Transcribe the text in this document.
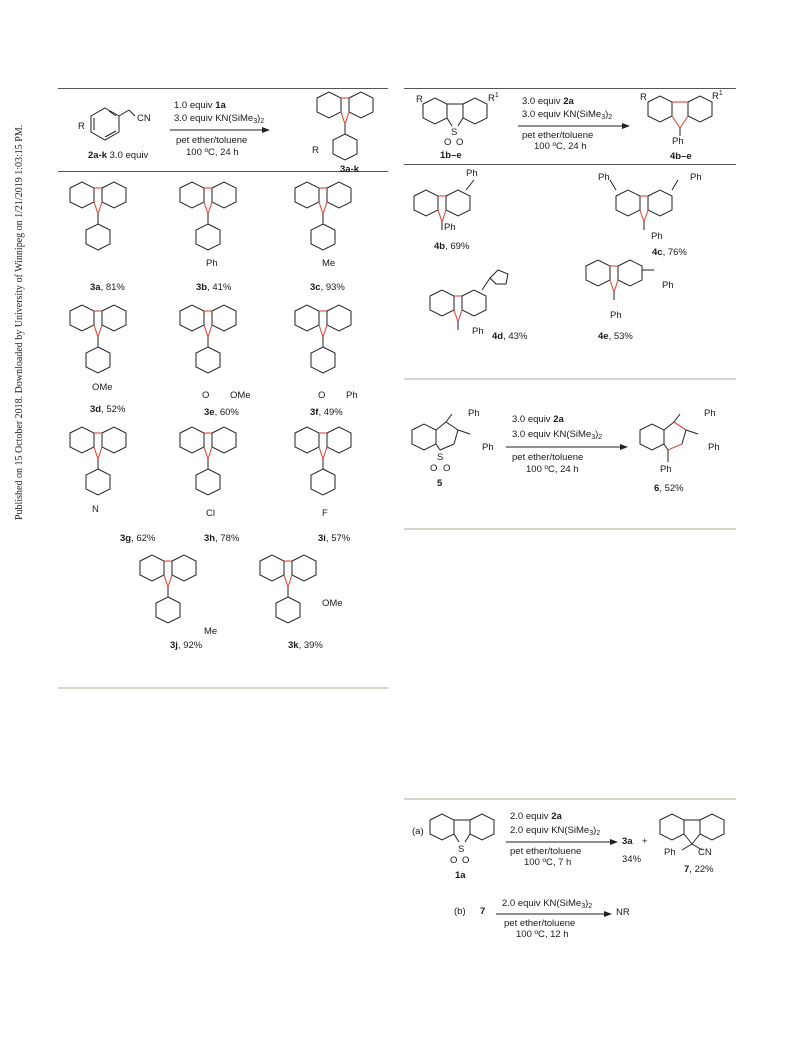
Published on 15 October 2018. Downloaded by University of Winnipeg on 1/21/2019 1:03:15 PM.	R
CN
2a-k 3.0 equiv
1.0 equiv 1a
3.0 equiv $KN(SiMe_3)_2$
pet ether/toluene
100 ºC, 24 h	R
3a-k
Ph	Me
OMe
O OMe	O Ph
N	Cl	F
Me
OMe
3a, 81%	3b, 41%	3c, 93%
3d, 52%	3e, 60%	3f, 49%
3g, 62%	3h, 78%	3i, 57%
3j, 92%	3k, 39%
R	$R^1$
S
O O
1b–e
3.0 equiv 2a
3.0 equiv $KN(SiMe_3)_2$
pet ether/toluene
100 ºC, 24 h
R	$R^1$
Ph
4b–e
Ph
Ph
4b, 69%
Ph	Ph
Ph
4c, 76%
Ph 4d, 43%
Ph
Ph
4e, 53%
Ph
Ph
S
O O
5
3.0 equiv 2a
3.0 equiv $KN(SiMe_3)_2$
pet ether/toluene
100 ºC, 24 h
Ph
Ph
Ph
6, 52%
(a)
S
O O
1a
2.0 equiv 2a
2.0 equiv $KN(SiMe_3)_2$
pet ether/toluene
100 ºC, 7 h
3a +
34%
Ph CN
7, 22%
(b) 7
2.0 equiv $KN(SiMe_3)_2$
pet ether/toluene
100 ºC, 12 h
NR
